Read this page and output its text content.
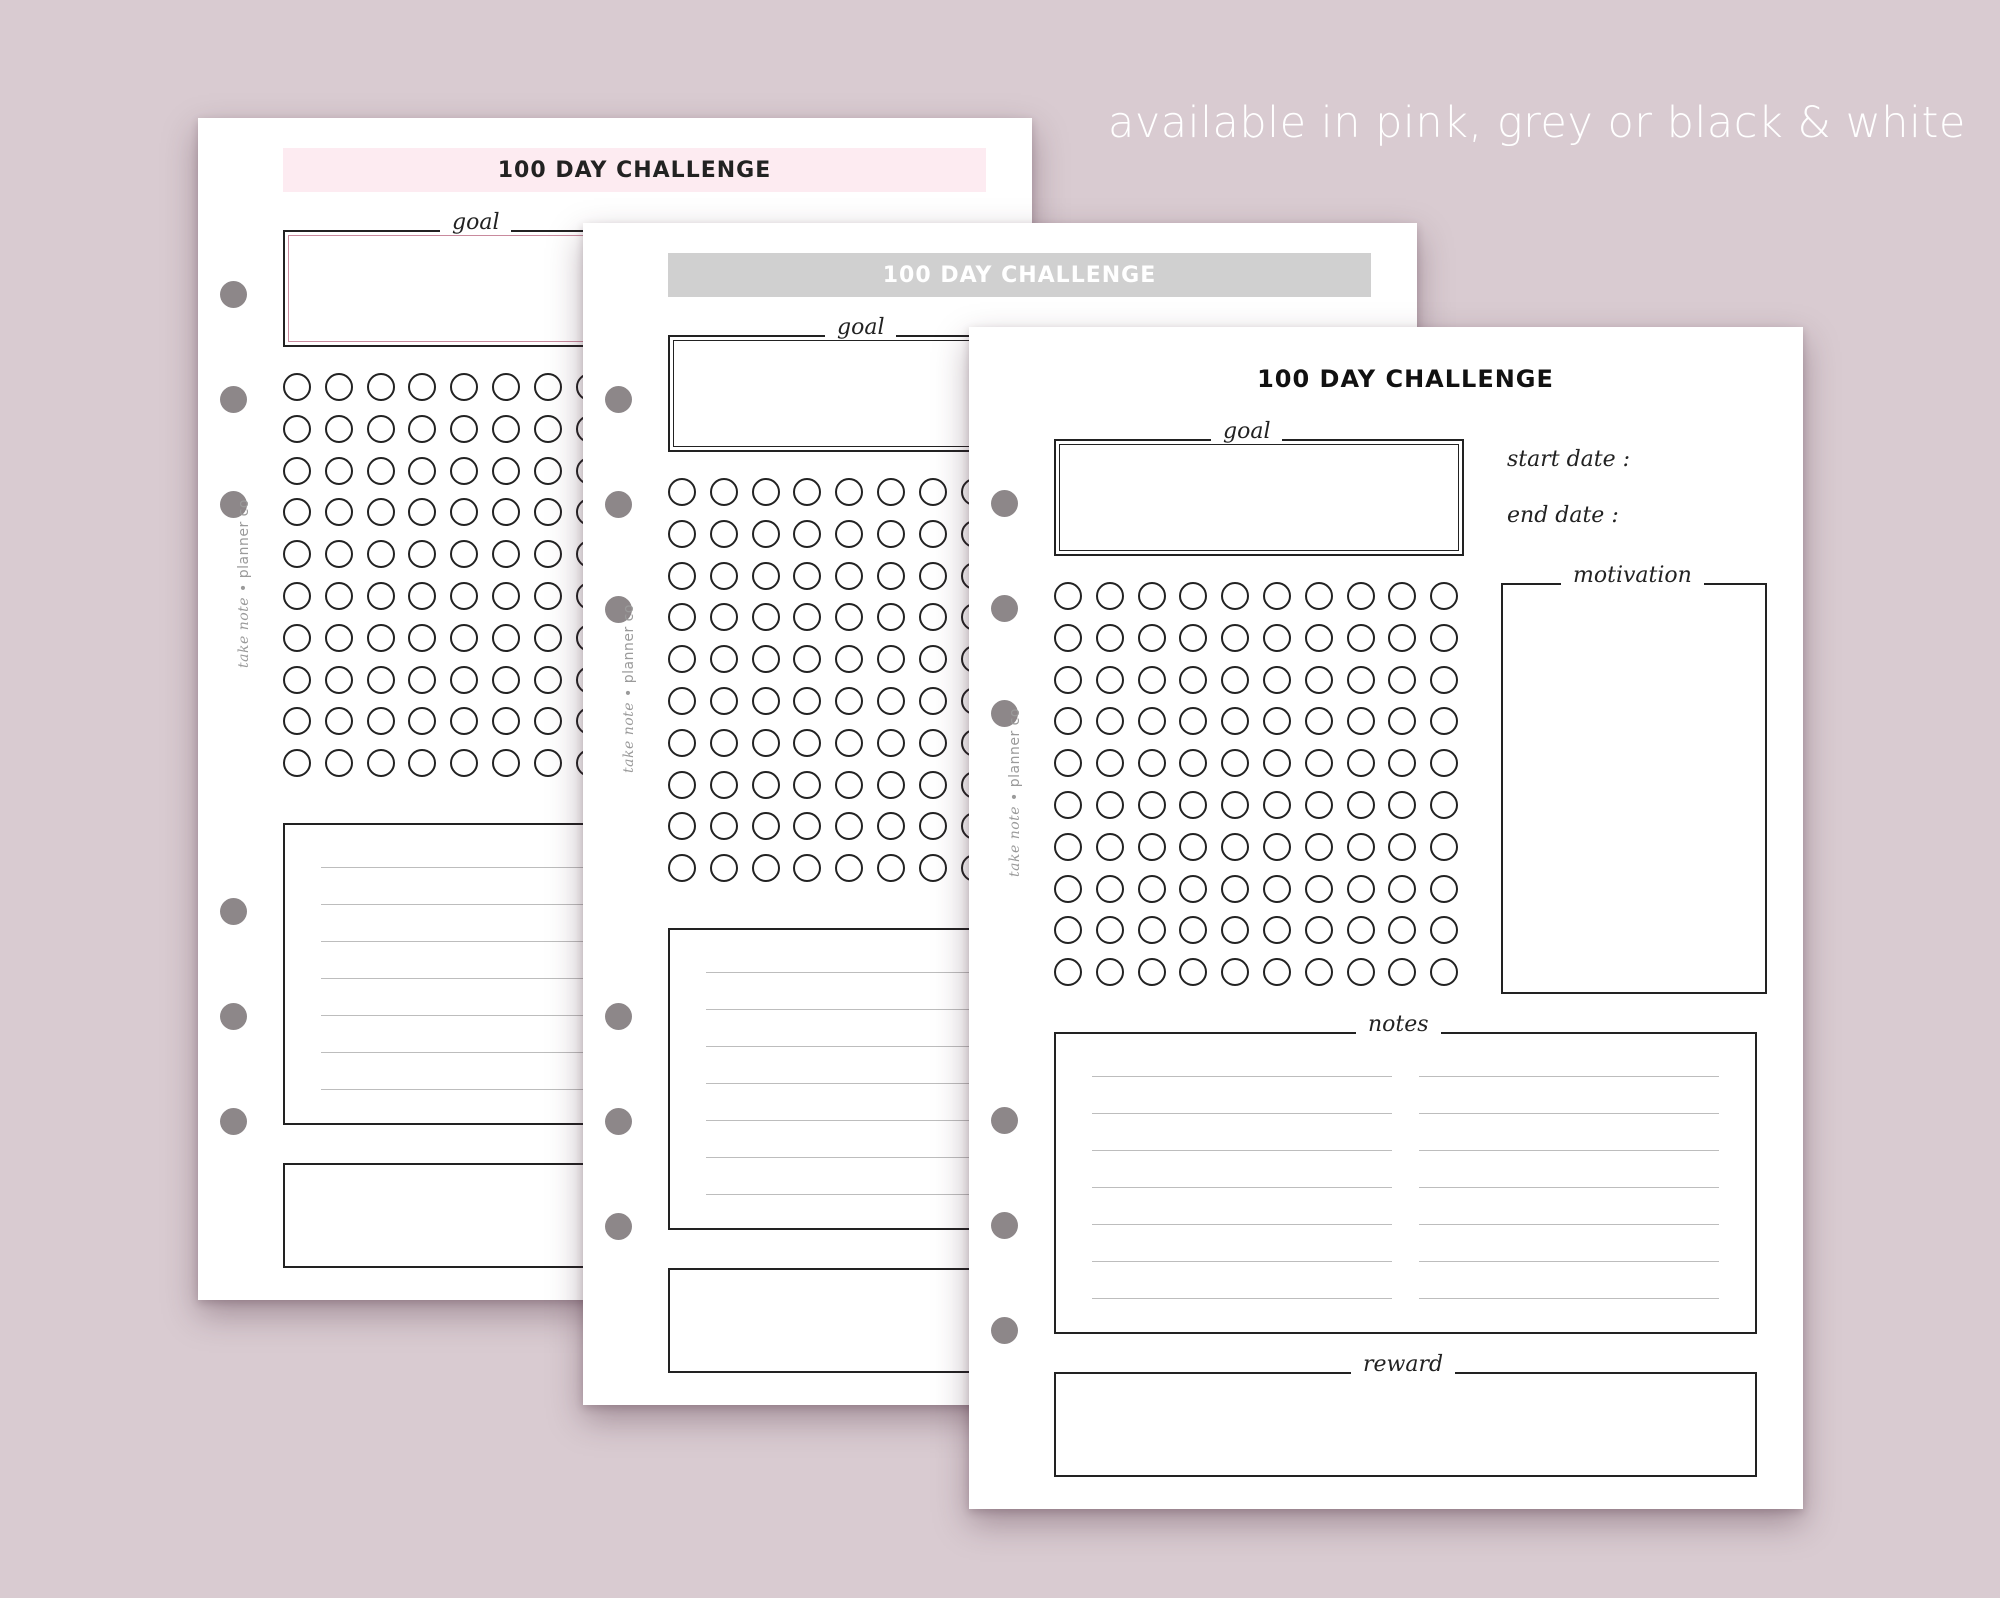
available in pink, grey or black & white
take note • planner co
100 DAY CHALLENGE
goal
take note • planner co
100 DAY CHALLENGE
goal
take note • planner co
100 DAY CHALLENGE
goal
start date :
end date :
motivation
notes
reward
